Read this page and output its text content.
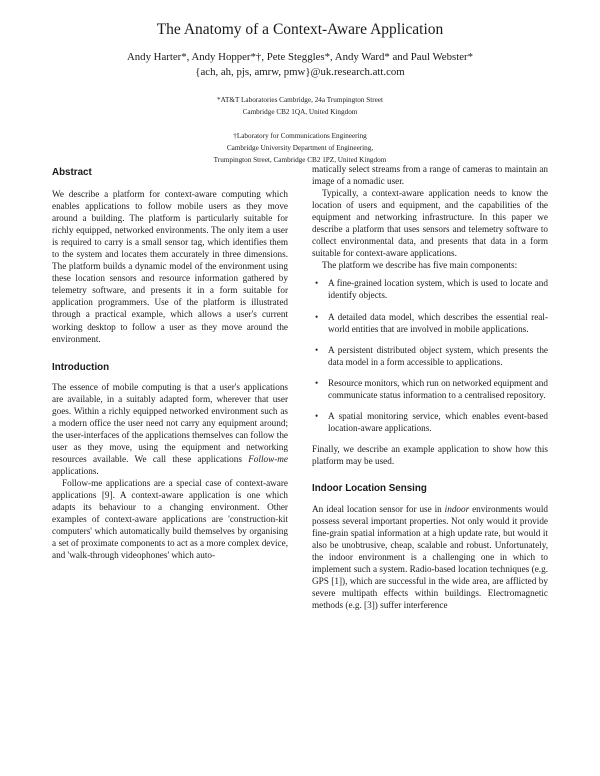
The Anatomy of a Context-Aware Application
Andy Harter*, Andy Hopper*†, Pete Steggles*, Andy Ward* and Paul Webster*
{ach, ah, pjs, amrw, pmw}@uk.research.att.com
*AT&T Laboratories Cambridge, 24a Trumpington Street
Cambridge CB2 1QA, United Kingdom
†Laboratory for Communications Engineering
Cambridge University Department of Engineering,
Trumpington Street, Cambridge CB2 1PZ, United Kingdom
Abstract

We describe a platform for context-aware computing which enables applications to follow mobile users as they move around a building. The platform is particularly suitable for richly equipped, networked environments. The only item a user is required to carry is a small sensor tag, which identifies them to the system and locates them accurately in three dimensions. The platform builds a dynamic model of the environment using these location sensors and resource information gathered by telemetry software, and presents it in a form suitable for application programmers. Use of the platform is illustrated through a practical example, which allows a user's current working desktop to follow a user as they move around the environment.

Introduction

The essence of mobile computing is that a user's applications are available, in a suitably adapted form, wherever that user goes. Within a richly equipped networked environment such as a modern office the user need not carry any equipment around; the user-interfaces of the applications themselves can follow the user as they move, using the equipment and networking resources available. We call these applications Follow-me applications.

Follow-me applications are a special case of context-aware applications [9]. A context-aware application is one which adapts its behaviour to a changing environment. Other examples of context-aware applications are 'construction-kit computers' which automatically build themselves by organising a set of proximate components to act as a more complex device, and 'walk-through videophones' which auto-

matically select streams from a range of cameras to maintain an image of a nomadic user.

Typically, a context-aware application needs to know the location of users and equipment, and the capabilities of the equipment and networking infrastructure. In this paper we describe a platform that uses sensors and telemetry software to collect environmental data, and presents that data in a form suitable for context-aware applications.

The platform we describe has five main components:

• A fine-grained location system, which is used to locate and identify objects.
• A detailed data model, which describes the essential real-world entities that are involved in mobile applications.
• A persistent distributed object system, which presents the data model in a form accessible to applications.
• Resource monitors, which run on networked equipment and communicate status information to a centralised repository.
• A spatial monitoring service, which enables event-based location-aware applications.

Finally, we describe an example application to show how this platform may be used.

Indoor Location Sensing

An ideal location sensor for use in indoor environments would possess several important properties. Not only would it provide fine-grain spatial information at a high update rate, but would it also be unobtrusive, cheap, scalable and robust. Unfortunately, the indoor environment is a challenging one in which to implement such a system. Radio-based location techniques (e.g. GPS [1]), which are successful in the wide area, are afflicted by severe multipath effects within buildings. Electromagnetic methods (e.g. [3]) suffer interference
